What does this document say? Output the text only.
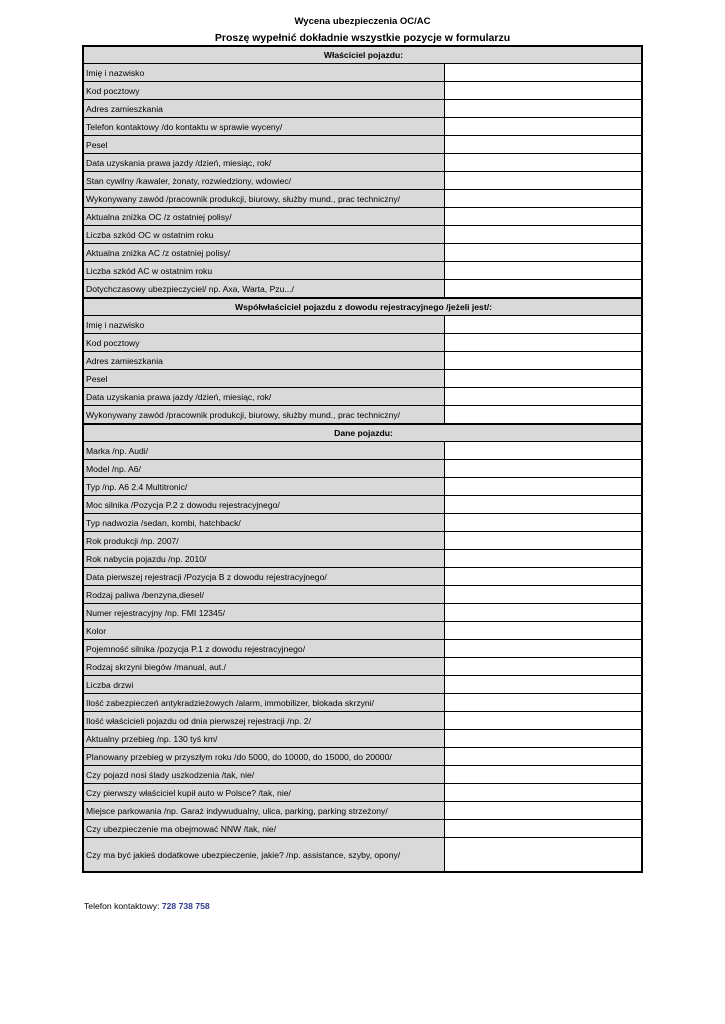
Wycena ubezpieczenia OC/AC
Proszę wypełnić dokładnie wszystkie pozycje w formularzu
Właściciel pojazdu:	
Imię i nazwisko	
Kod pocztowy	
Adres zamieszkania	
Telefon kontaktowy /do kontaktu w sprawie wyceny/	
Pesel	
Data uzyskania prawa jazdy /dzień, miesiąc, rok/	
Stan cywilny /kawaler, żonaty, rozwiedziony, wdowiec/	
Wykonywany zawód /pracownik produkcji, biurowy, służby mund., prac techniczny/	
Aktualna zniżka OC /z ostatniej polisy/	
Liczba szkód OC w ostatnim roku	
Aktualna zniżka AC /z ostatniej polisy/	
Liczba szkód AC w ostatnim roku	
Dotychczasowy ubezpieczyciel/ np. Axa, Warta, Pzu.../	
Współwłaściciel pojazdu z dowodu rejestracyjnego /jeżeli jest/:	
Imię i nazwisko	
Kod pocztowy	
Adres zamieszkania	
Pesel	
Data uzyskania prawa jazdy /dzień, miesiąc, rok/	
Wykonywany zawód /pracownik produkcji, biurowy, służby mund., prac techniczny/	
Dane pojazdu:	
Marka /np. Audi/	
Model /np. A6/	
Typ /np. A6 2.4 Multitronic/	
Moc silnika /Pozycja P.2 z dowodu rejestracyjnego/	
Typ nadwozia /sedan, kombi, hatchback/	
Rok produkcji /np. 2007/	
Rok nabycia pojazdu /np. 2010/	
Data pierwszej rejestracji /Pozycja B z dowodu rejestracyjnego/	
Rodzaj paliwa /benzyna,diesel/	
Numer rejestracyjny /np. FMI 12345/	
Kolor	
Pojemność silnika /pozycja P.1 z dowodu rejestracyjnego/	
Rodzaj skrzyni biegów /manual, aut./	
Liczba drzwi	
Ilość zabezpieczeń antykradzieżowych /alarm, immobilizer, blokada skrzyni/	
Ilość właścicieli pojazdu od dnia pierwszej rejestracji /np. 2/	
Aktualny przebieg /np. 130 tyś km/	
Planowany przebieg w przyszłym roku /do 5000, do 10000, do 15000, do 20000/	
Czy pojazd nosi ślady uszkodzenia /tak, nie/	
Czy pierwszy właściciel kupił auto w Polsce? /tak, nie/	
Miejsce parkowania /np. Garaż indywudualny, ulica, parking, parking strzeżony/	
Czy ubezpieczenie ma obejmować NNW /tak, nie/	
Czy ma być jakieś dodatkowe ubezpieczenie, jakie? /np. assistance, szyby, opony/	
Telefon kontaktowy: 728 738 758
